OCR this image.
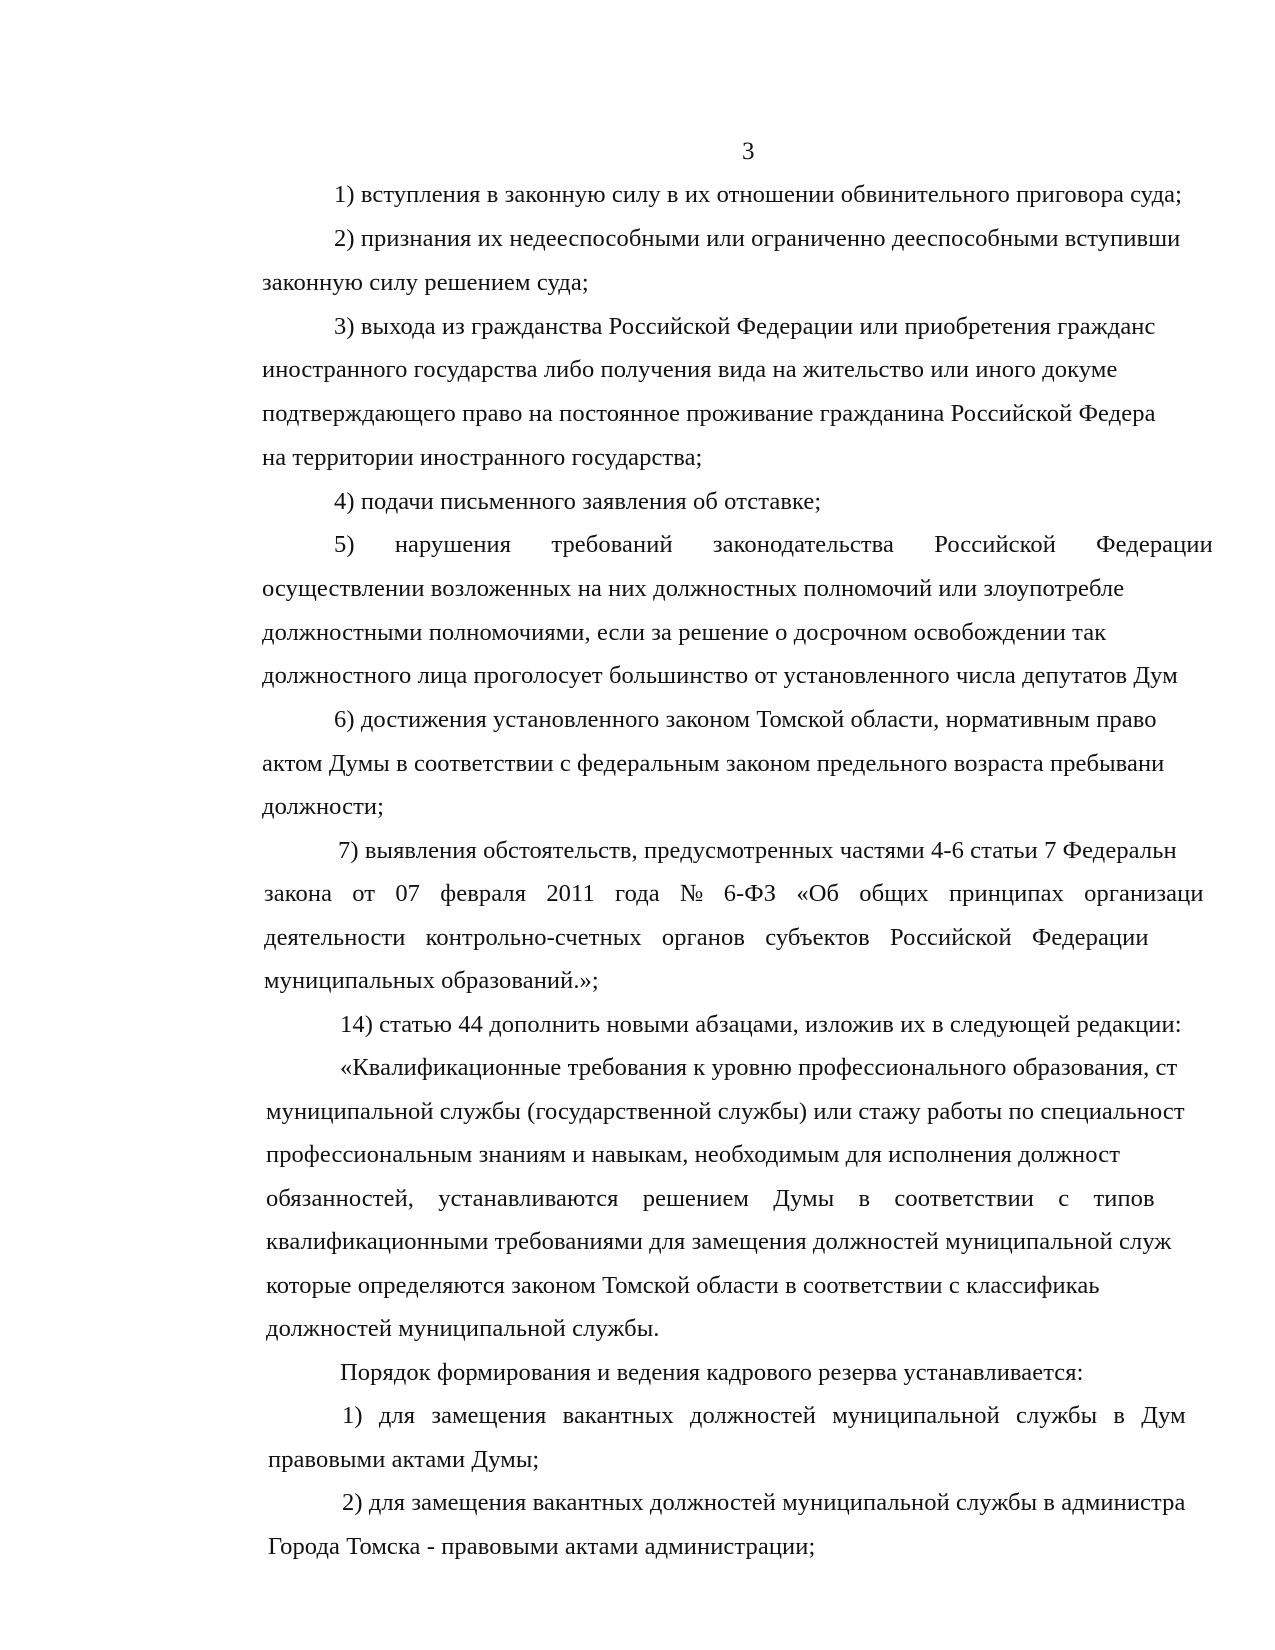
3
1) вступления в законную силу в их отношении обвинительного приговора суда;
2) признания их недееспособными или ограниченно дееспособными вступивши
законную силу решением суда;
3) выхода из гражданства Российской Федерации или приобретения гражданс
иностранного государства либо получения вида на жительство или иного докуме
подтверждающего право на постоянное проживание гражданина Российской Федера
на территории иностранного государства;
4) подачи письменного заявления об отставке;
5) нарушения требований законодательства Российской Федерации
осуществлении возложенных на них должностных полномочий или злоупотребле
должностными полномочиями, если за решение о досрочном освобождении так
должностного лица проголосует большинство от установленного числа депутатов Дум
6) достижения установленного законом Томской области, нормативным право
актом Думы в соответствии с федеральным законом предельного возраста пребывани
должности;
7) выявления обстоятельств, предусмотренных частями 4-6 статьи 7 Федеральн
закона от 07 февраля 2011 года № 6-ФЗ «Об общих принципах организаци
деятельности контрольно-счетных органов субъектов Российской Федерации
муниципальных образований.»;
14) статью 44 дополнить новыми абзацами, изложив их в следующей редакции:
«Квалификационные требования к уровню профессионального образования, ст
муниципальной службы (государственной службы) или стажу работы по специальност
профессиональным знаниям и навыкам, необходимым для исполнения должност
обязанностей, устанавливаются решением Думы в соответствии с типов
квалификационными требованиями для замещения должностей муниципальной служ
которые определяются законом Томской области в соответствии с классификаь
должностей муниципальной службы.
Порядок формирования и ведения кадрового резерва устанавливается:
1) для замещения вакантных должностей муниципальной службы в Дум
правовыми актами Думы;
2) для замещения вакантных должностей муниципальной службы в администра
Города Томска - правовыми актами администрации;
